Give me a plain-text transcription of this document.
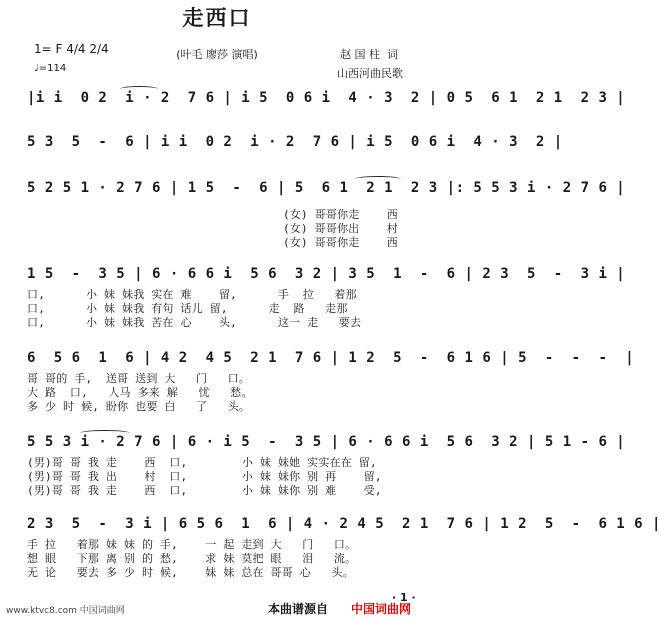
走西口
1= F 4/4 2/4
♩=114
(叶毛 廖莎 演唱)	赵 国 柱  词
山西河曲民歌
|i i  0 2  i · 2  7 6 | i 5  0 6 i  4 · 3  2 | 0 5  6 1  2 1  2 3 |
5 3  5  -  6 | i i  0 2  i · 2  7 6 | i 5  0 6 i  4 · 3  2 |
5 2 5 1 · 2 7 6 | 1 5  -  6 | 5  6 1  2 1  2 3 |: 5 5 3 i · 2 7 6 |
(女) 哥哥你走    西
(女) 哥哥你出    村
(女) 哥哥你走    西
1 5  -  3 5 | 6 · 6 6 i  5 6  3 2 | 3 5  1  -  6 | 2 3  5  -  3 i |
口,      小 妹 妹我 实在 难    留,      手  拉   着那
口,      小 妹 妹我 有句 话儿 留,      走  路   走那
口,      小 妹 妹我 苦在 心    头,      这一 走   要去
6  5 6  1  6 | 4 2  4 5  2 1  7 6 | 1 2  5  -  6 1 6 | 5  -  -  -  |
哥 哥的 手,  送哥 送到 大   门   口。
大 路  口,   人马 多来 解   忧   愁。
多 少 时 候, 盼你 也要 白   了   头。
5 5 3 i · 2 7 6 | 6 · i 5  -  3 5 | 6 · 6 6 i  5 6  3 2 | 5 1 - 6 |
(男)哥 哥 我 走    西  口,        小 妹 妹她 实实在在 留,
(男)哥 哥 我 出    村  口,        小 妹 妹你 别 再    留,
(男)哥 哥 我 走    西  口,        小 妹 妹你 别 难    受,
2 3  5  -  3 i | 6 5 6  1  6 | 4 · 2 4 5  2 1  7 6 | 1 2  5  -  6 1 6 |
手 拉   着那 妹 妹 的 手,    一 起 走到 大   门   口。
想 眼   下那 离 别 的 愁,    求 妹 莫把 眼   泪   流。
无 论   要去 多 少 时 候,    妹 妹 总在 哥哥 心   头。
· 1 ·
www.ktvc8.com 中国词曲网	本曲谱源自 中国词曲网
